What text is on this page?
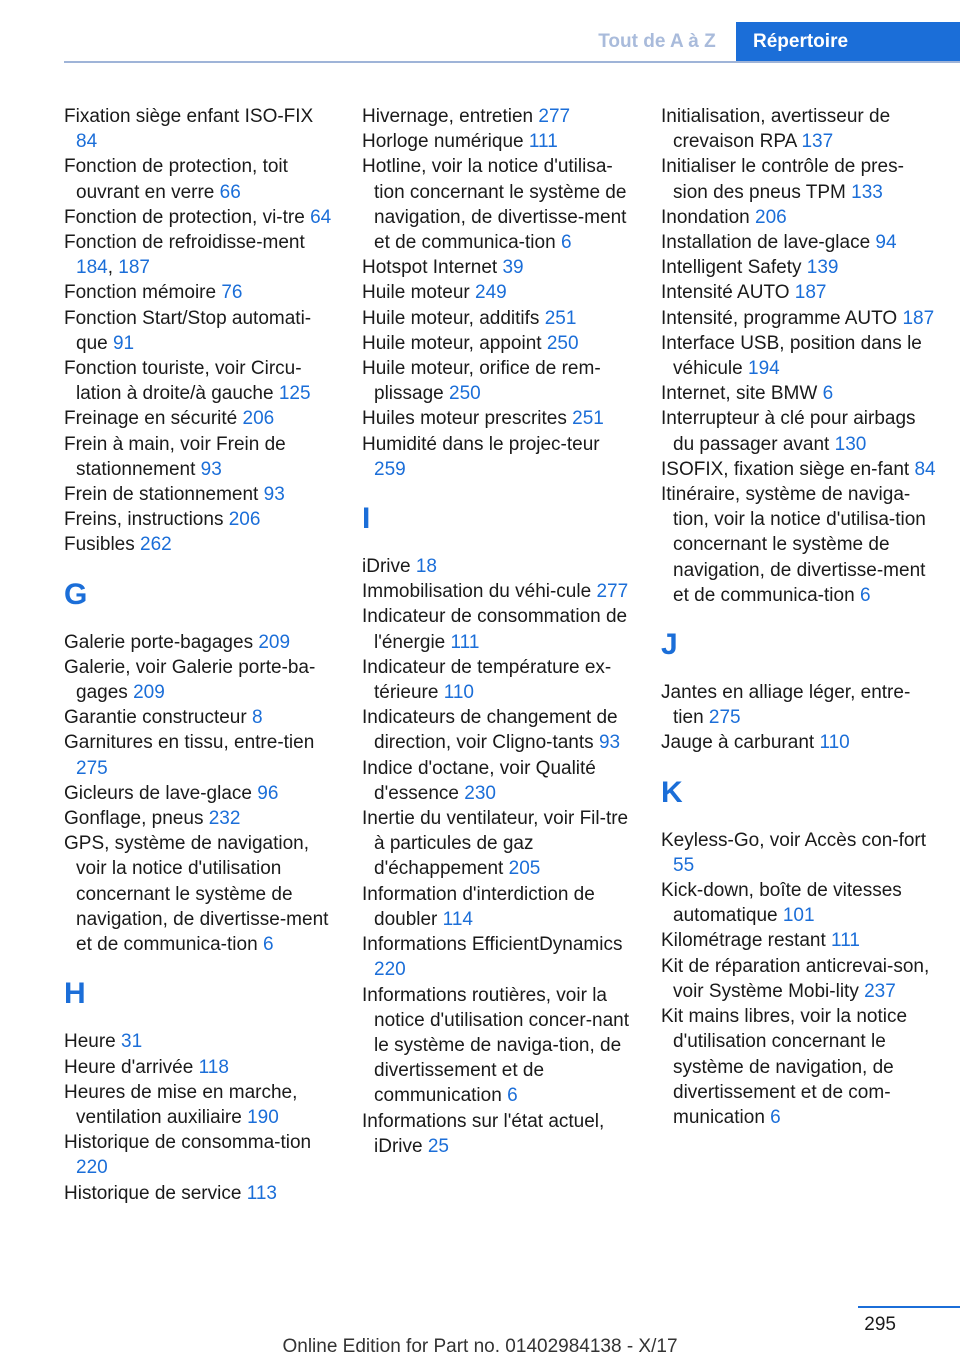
Tout de A à Z	Répertoire
Fixation siège enfant ISO-FIX 84
Fonction de protection, toit ouvrant en verre 66
Fonction de protection, vi-tre 64
Fonction de refroidisse-ment 184, 187
Fonction mémoire 76
Fonction Start/Stop automati-que 91
Fonction touriste, voir Circu-lation à droite/à gauche 125
Freinage en sécurité 206
Frein à main, voir Frein de stationnement 93
Frein de stationnement 93
Freins, instructions 206
Fusibles 262
G
Galerie porte-bagages 209
Galerie, voir Galerie porte-ba-gages 209
Garantie constructeur 8
Garnitures en tissu, entre-tien 275
Gicleurs de lave-glace 96
Gonflage, pneus 232
GPS, système de navigation, voir la notice d'utilisation concernant le système de navigation, de divertisse-ment et de communica-tion 6
H
Heure 31
Heure d'arrivée 118
Heures de mise en marche, ventilation auxiliaire 190
Historique de consomma-tion 220
Historique de service 113
Hivernage, entretien 277
Horloge numérique 111
Hotline, voir la notice d'utilisa-tion concernant le système de navigation, de divertisse-ment et de communica-tion 6
Hotspot Internet 39
Huile moteur 249
Huile moteur, additifs 251
Huile moteur, appoint 250
Huile moteur, orifice de rem-plissage 250
Huiles moteur prescrites 251
Humidité dans le projec-teur 259
I
iDrive 18
Immobilisation du véhi-cule 277
Indicateur de consommation de l'énergie 111
Indicateur de température ex-térieure 110
Indicateurs de changement de direction, voir Cligno-tants 93
Indice d'octane, voir Qualité d'essence 230
Inertie du ventilateur, voir Fil-tre à particules de gaz d'échappement 205
Information d'interdiction de doubler 114
Informations EfficientDynamics 220
Informations routières, voir la notice d'utilisation concer-nant le système de naviga-tion, de divertissement et de communication 6
Informations sur l'état actuel, iDrive 25
Initialisation, avertisseur de crevaison RPA 137
Initialiser le contrôle de pres-sion des pneus TPM 133
Inondation 206
Installation de lave-glace 94
Intelligent Safety 139
Intensité AUTO 187
Intensité, programme AUTO 187
Interface USB, position dans le véhicule 194
Internet, site BMW 6
Interrupteur à clé pour airbags du passager avant 130
ISOFIX, fixation siège en-fant 84
Itinéraire, système de naviga-tion, voir la notice d'utilisa-tion concernant le système de navigation, de divertisse-ment et de communica-tion 6
J
Jantes en alliage léger, entre-tien 275
Jauge à carburant 110
K
Keyless-Go, voir Accès con-fort 55
Kick-down, boîte de vitesses automatique 101
Kilométrage restant 111
Kit de réparation anticrevai-son, voir Système Mobi-lity 237
Kit mains libres, voir la notice d'utilisation concernant le système de navigation, de divertissement et de com-munication 6
295
Online Edition for Part no. 01402984138 - X/17
